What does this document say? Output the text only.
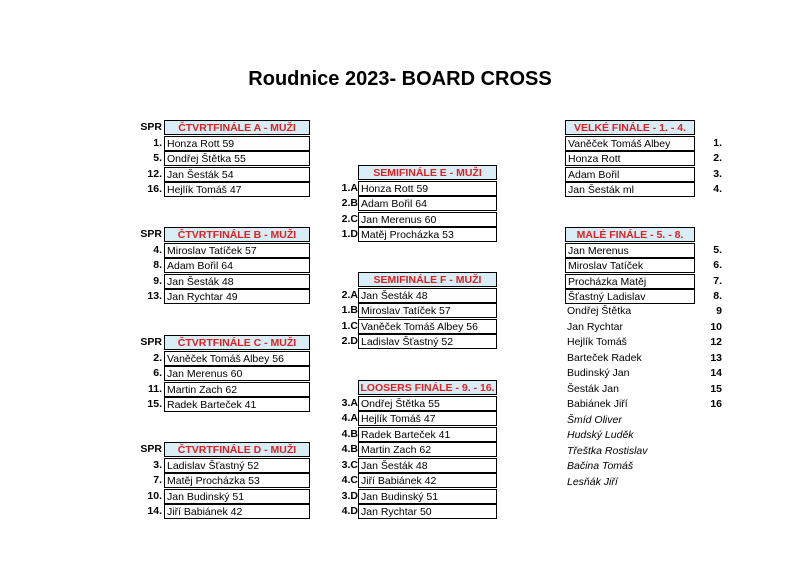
Roudnice 2023- BOARD CROSS
SPR	ČTVRTFINÁLE A - MUŽI
1. Honza Rott 59
5. Ondřej Štětka 55
12. Jan Šesták 54
16. Hejlík Tomáš 47
SPR	ČTVRTFINÁLE B - MUŽI
4. Miroslav Tatíček 57
8. Adam Bořil 64
9. Jan Šesták 48
13. Jan Rychtar 49
SPR	ČTVRTFINÁLE C - MUŽI
2. Vaněček Tomáš Albey 56
6. Jan Merenus 60
11. Martin Zach 62
15. Radek Barteček 41
SPR	ČTVRTFINÁLE D - MUŽI
3. Ladislav Šťastný 52
7. Matěj Procházka 53
10. Jan Budinský 51
14. Jiří Babiánek 42
SEMIFINÁLE E - MUŽI
1.A Honza Rott 59
2.B Adam Bořil 64
2.C Jan Merenus 60
1.D Matěj Procházka 53
SEMIFINÁLE F - MUŽI
2.A Jan Šesták 48
1.B Miroslav Tatíček 57
1.C Vaněček Tomáš Albey 56
2.D Ladislav Šťastný 52
LOOSERS FINÁLE - 9. - 16.
3.A Ondřej Štětka 55
4.A Hejlík Tomáš 47
4.B Radek Barteček 41
4.B Martin Zach 62
3.C Jan Šesták 48
4.C Jiří Babiánek 42
3.D Jan Budinský 51
4.D Jan Rychtar 50
VELKÉ FINÁLE - 1. - 4.
Vaněček Tomáš Albey	1.
Honza Rott	2.
Adam Bořil	3.
Jan Šesták ml	4.
MALÉ FINÁLE - 5. - 8.
Jan Merenus	5.
Miroslav Tatíček	6.
Procházka Matěj	7.
Šťastný Ladislav	8.
Ondřej Štětka	9
Jan Rychtar	10
Hejlík Tomáš	12
Barteček Radek	13
Budinský Jan	14
Šesták Jan	15
Babiánek Jiří	16
Šmíd Oliver
Hudský Luděk
Třeštka Rostislav
Bačina Tomáš
Lesňák Jiří
